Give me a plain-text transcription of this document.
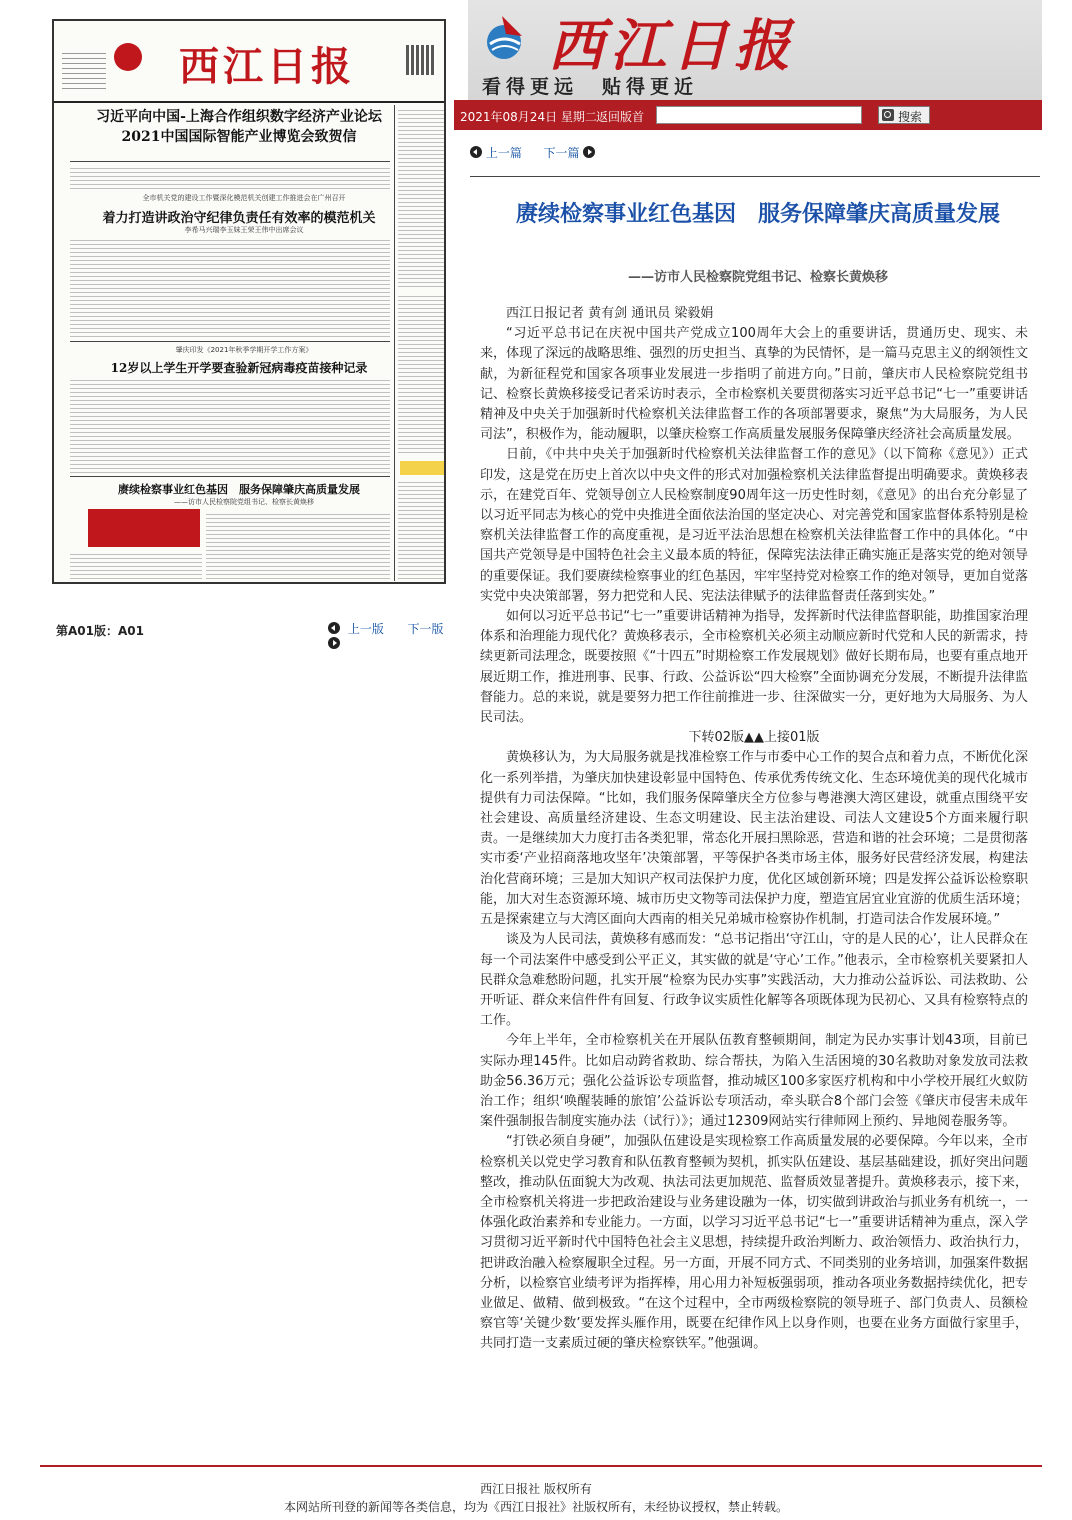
西江日报
习近平向中国-上海合作组织数字经济产业论坛 2021中国国际智能产业博览会致贺信
全市机关党的建设工作暨深化模范机关创建工作推进会在广州召开
着力打造讲政治守纪律负责任有效率的模范机关
李希马兴瑞李玉妹王荣王伟中出席会议
肇庆印发《2021年秋季学期开学工作方案》
12岁以上学生开学要查验新冠病毒疫苗接种记录
赓续检察事业红色基因　服务保障肇庆高质量发展
——访市人民检察院党组书记、检察长黄焕移
第A01版：A01	上一版 下一版
西江日报
看得更远　贴得更近
2021年08月24日 星期二 返回版首	搜索
上一篇 下一篇
赓续检察事业红色基因　服务保障肇庆高质量发展
——访市人民检察院党组书记、检察长黄焕移

西江日报记者 黄有剑 通讯员 梁毅娟

“习近平总书记在庆祝中国共产党成立100周年大会上的重要讲话，贯通历史、现实、未来，体现了深远的战略思维、强烈的历史担当、真挚的为民情怀，是一篇马克思主义的纲领性文献，为新征程党和国家各项事业发展进一步指明了前进方向。”日前，肇庆市人民检察院党组书记、检察长黄焕移接受记者采访时表示，全市检察机关要贯彻落实习近平总书记“七一”重要讲话精神及中央关于加强新时代检察机关法律监督工作的各项部署要求，聚焦“为大局服务，为人民司法”，积极作为，能动履职，以肇庆检察工作高质量发展服务保障肇庆经济社会高质量发展。

日前，《中共中央关于加强新时代检察机关法律监督工作的意见》（以下简称《意见》）正式印发，这是党在历史上首次以中央文件的形式对加强检察机关法律监督提出明确要求。黄焕移表示，在建党百年、党领导创立人民检察制度90周年这一历史性时刻，《意见》的出台充分彰显了以习近平同志为核心的党中央推进全面依法治国的坚定决心、对完善党和国家监督体系特别是检察机关法律监督工作的高度重视，是习近平法治思想在检察机关法律监督工作中的具体化。“中国共产党领导是中国特色社会主义最本质的特征，保障宪法法律正确实施正是落实党的绝对领导的重要保证。我们要赓续检察事业的红色基因，牢牢坚持党对检察工作的绝对领导，更加自觉落实党中央决策部署，努力把党和人民、宪法法律赋予的法律监督责任落到实处。”

如何以习近平总书记“七一”重要讲话精神为指导，发挥新时代法律监督职能，助推国家治理体系和治理能力现代化？黄焕移表示，全市检察机关必须主动顺应新时代党和人民的新需求，持续更新司法理念，既要按照《“十四五”时期检察工作发展规划》做好长期布局，也要有重点地开展近期工作，推进刑事、民事、行政、公益诉讼“四大检察”全面协调充分发展，不断提升法律监督能力。总的来说，就是要努力把工作往前推进一步、往深做实一分，更好地为大局服务、为人民司法。

下转02版▲▲上接01版

黄焕移认为，为大局服务就是找准检察工作与市委中心工作的契合点和着力点，不断优化深化一系列举措，为肇庆加快建设彰显中国特色、传承优秀传统文化、生态环境优美的现代化城市提供有力司法保障。“比如，我们服务保障肇庆全方位参与粤港澳大湾区建设，就重点围绕平安社会建设、高质量经济建设、生态文明建设、民主法治建设、司法人文建设5个方面来履行职责。一是继续加大力度打击各类犯罪，常态化开展扫黑除恶，营造和谐的社会环境；二是贯彻落实市委‘产业招商落地攻坚年’决策部署，平等保护各类市场主体，服务好民营经济发展，构建法治化营商环境；三是加大知识产权司法保护力度，优化区域创新环境；四是发挥公益诉讼检察职能，加大对生态资源环境、城市历史文物等司法保护力度，塑造宜居宜业宜游的优质生活环境；五是探索建立与大湾区面向大西南的相关兄弟城市检察协作机制，打造司法合作发展环境。”

谈及为人民司法，黄焕移有感而发：“总书记指出‘守江山，守的是人民的心’，让人民群众在每一个司法案件中感受到公平正义，其实做的就是‘守心’工作。”他表示，全市检察机关要紧扣人民群众急难愁盼问题，扎实开展“检察为民办实事”实践活动，大力推动公益诉讼、司法救助、公开听证、群众来信件件有回复、行政争议实质性化解等各项既体现为民初心、又具有检察特点的工作。

今年上半年，全市检察机关在开展队伍教育整顿期间，制定为民办实事计划43项，目前已实际办理145件。比如启动跨省救助、综合帮扶，为陷入生活困境的30名救助对象发放司法救助金56.36万元；强化公益诉讼专项监督，推动城区100多家医疗机构和中小学校开展红火蚁防治工作；组织‘唤醒装睡的旅馆’公益诉讼专项活动，牵头联合8个部门会签《肇庆市侵害未成年案件强制报告制度实施办法（试行）》；通过12309网站实行律师网上预约、异地阅卷服务等。

“打铁必须自身硬”，加强队伍建设是实现检察工作高质量发展的必要保障。今年以来，全市检察机关以党史学习教育和队伍教育整顿为契机，抓实队伍建设、基层基础建设，抓好突出问题整改，推动队伍面貌大为改观、执法司法更加规范、监督质效显著提升。黄焕移表示，接下来，全市检察机关将进一步把政治建设与业务建设融为一体，切实做到讲政治与抓业务有机统一，一体强化政治素养和专业能力。一方面，以学习习近平总书记“七一”重要讲话精神为重点，深入学习贯彻习近平新时代中国特色社会主义思想，持续提升政治判断力、政治领悟力、政治执行力，把讲政治融入检察履职全过程。另一方面，开展不同方式、不同类别的业务培训，加强案件数据分析，以检察官业绩考评为指挥棒，用心用力补短板强弱项，推动各项业务数据持续优化，把专业做足、做精、做到极致。“在这个过程中，全市两级检察院的领导班子、部门负责人、员额检察官等‘关键少数’要发挥头雁作用，既要在纪律作风上以身作则，也要在业务方面做行家里手，共同打造一支素质过硬的肇庆检察铁军。”他强调。

西江日报社 版权所有
本网站所刊登的新闻等各类信息，均为《西江日报社》社版权所有，未经协议授权，禁止转载。
